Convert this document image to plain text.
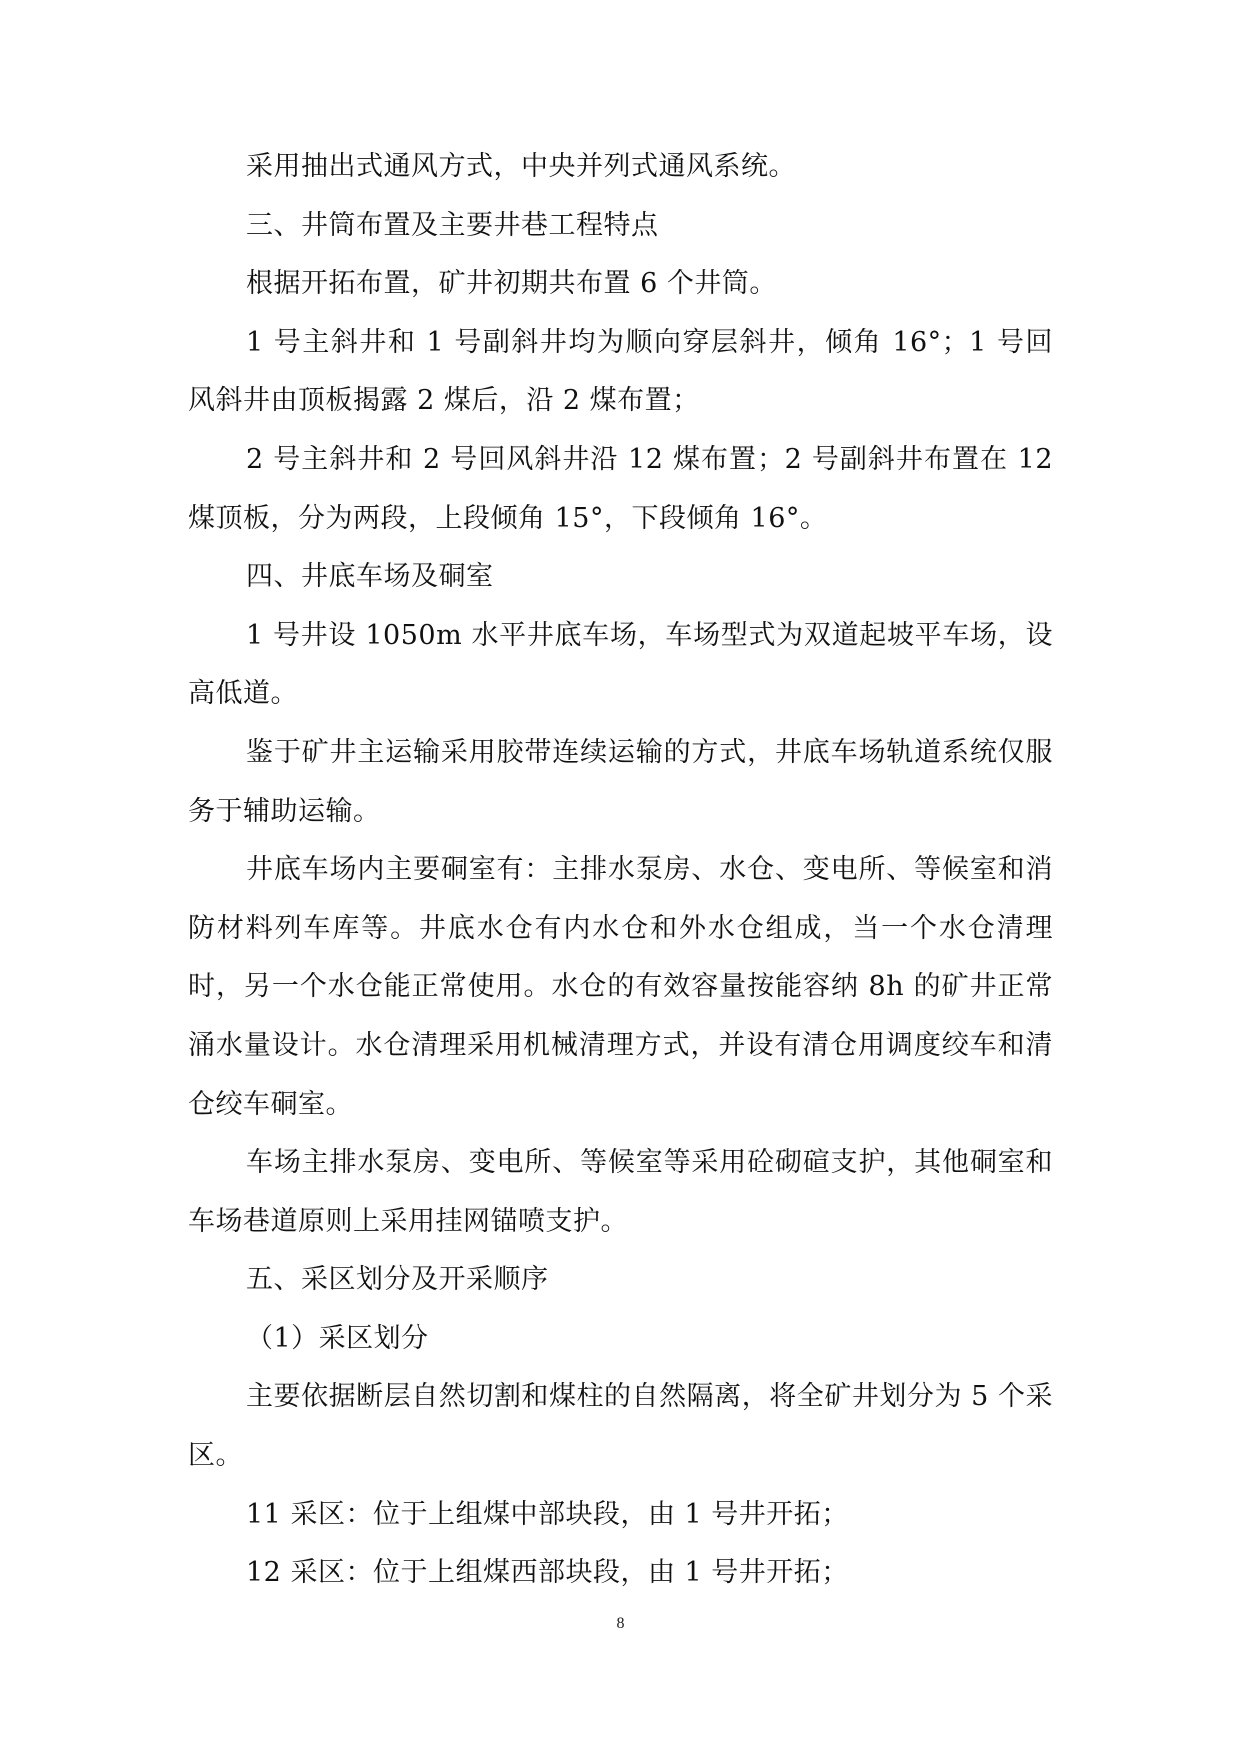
采用抽出式通风方式，中央并列式通风系统。

三、井筒布置及主要井巷工程特点

根据开拓布置，矿井初期共布置 6 个井筒。

1 号主斜井和 1 号副斜井均为顺向穿层斜井，倾角 16°；1 号回风斜井由顶板揭露 2 煤后，沿 2 煤布置；

2 号主斜井和 2 号回风斜井沿 12 煤布置；2 号副斜井布置在 12 煤顶板，分为两段，上段倾角 15°，下段倾角 16°。

四、井底车场及硐室

1 号井设 1050m 水平井底车场，车场型式为双道起坡平车场，设高低道。

鉴于矿井主运输采用胶带连续运输的方式，井底车场轨道系统仅服务于辅助运输。

井底车场内主要硐室有：主排水泵房、水仓、变电所、等候室和消防材料列车库等。井底水仓有内水仓和外水仓组成，当一个水仓清理时，另一个水仓能正常使用。水仓的有效容量按能容纳 8h 的矿井正常涌水量设计。水仓清理采用机械清理方式，并设有清仓用调度绞车和清仓绞车硐室。

车场主排水泵房、变电所、等候室等采用砼砌碹支护，其他硐室和车场巷道原则上采用挂网锚喷支护。

五、采区划分及开采顺序

（1）采区划分

主要依据断层自然切割和煤柱的自然隔离，将全矿井划分为 5 个采区。

11 采区：位于上组煤中部块段，由 1 号井开拓；

12 采区：位于上组煤西部块段，由 1 号井开拓；

8
